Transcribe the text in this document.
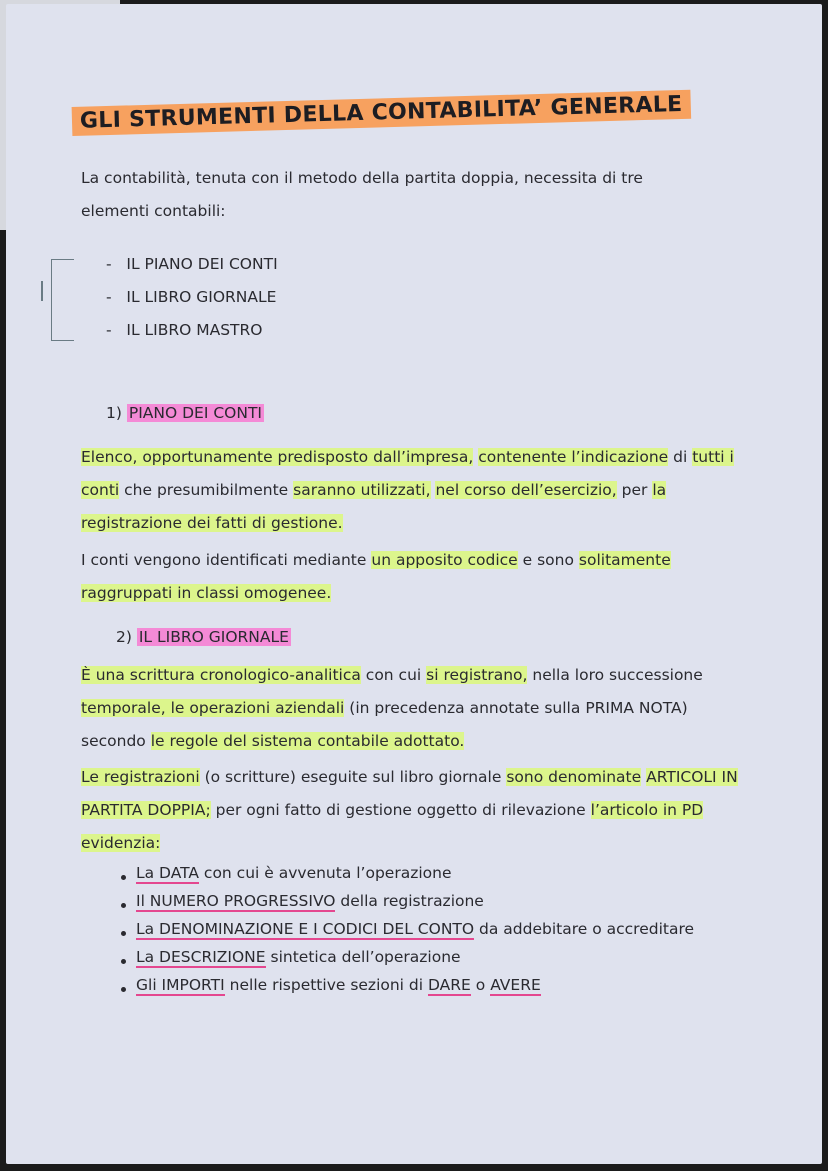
GLI STRUMENTI DELLA CONTABILITA’ GENERALE
La contabilità, tenuta con il metodo della partita doppia, necessita di tre
elementi contabili:
-   IL PIANO DEI CONTI
-   IL LIBRO GIORNALE
-   IL LIBRO MASTRO
1) PIANO DEI CONTI
Elenco, opportunamente predisposto dall’impresa, contenente l’indicazione di tutti i conti che presumibilmente saranno utilizzati, nel corso dell’esercizio, per la registrazione dei fatti di gestione.
I conti vengono identificati mediante un apposito codice e sono solitamente raggruppati in classi omogenee.
2) IL LIBRO GIORNALE
È una scrittura cronologico-analitica con cui si registrano, nella loro successione temporale, le operazioni aziendali (in precedenza annotate sulla PRIMA NOTA) secondo le regole del sistema contabile adottato.
Le registrazioni (o scritture) eseguite sul libro giornale sono denominate ARTICOLI IN PARTITA DOPPIA; per ogni fatto di gestione oggetto di rilevazione l’articolo in PD evidenzia:
La DATA con cui è avvenuta l’operazione
Il NUMERO PROGRESSIVO della registrazione
La DENOMINAZIONE E I CODICI DEL CONTO da addebitare o accreditare
La DESCRIZIONE sintetica dell’operazione
Gli IMPORTI nelle rispettive sezioni di DARE o AVERE
